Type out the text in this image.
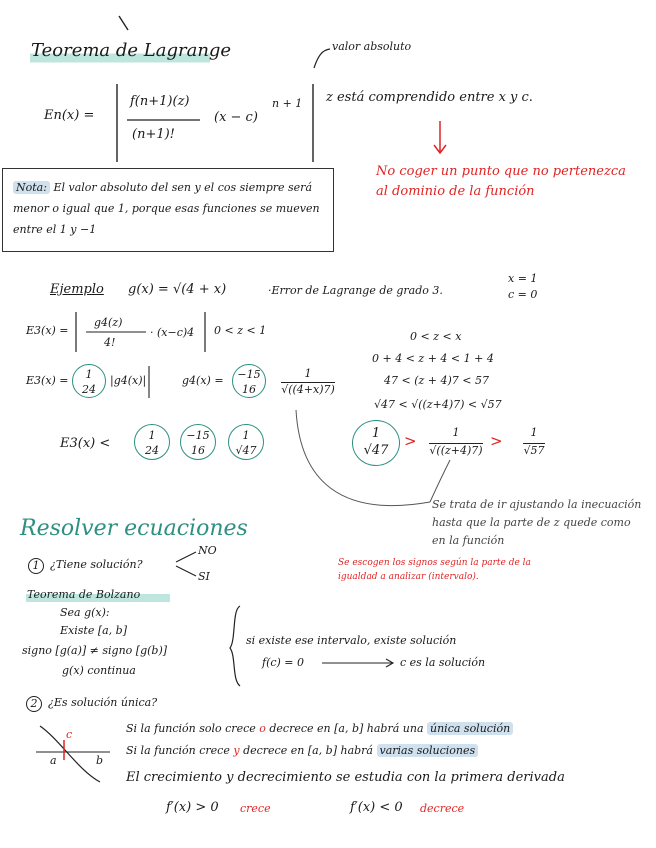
Teorema de Lagrange	valor absoluto
En(x) =
f(n+1)(z)
(n+1)!
(x − c)
n + 1 z está comprendido entre x y c.
No coger un punto que no pertenezca al dominio de la función
Nota: El valor absoluto del sen y el cos siempre será menor o igual que 1, porque esas funciones se mueven entre el 1 y −1
Ejemplo g(x) = √(4 + x)	·Error de Lagrange de grado 3.
x = 1
c = 0
E3(x) =
g4(z)
4!
· (x−c)4 0 < z < 1
E3(x) =	1
24
|g4(x)|	g4(x) =	−15
16	$\frac{1}{√((4+x)7)}$
0 < z < x
0 + 4 < z + 4 < 1 + 4
47 < (z + 4)7 < 57
√47 < √((z+4)7) < √57
E3(x) <
1
24
−15
16
1
√47
1
√47
> $\frac{1}{√((z+4)7)} > \frac{1}{√57}$
Se trata de ir ajustando la inecuación hasta que la parte de z quede como en la función
Resolver ecuaciones
1 ¿Tiene solución?
NO
SI
Se escogen los signos según la parte de la igualdad a analizar (intervalo).
Teorema de Bolzano
Sea g(x):
Existe [a, b]
signo [g(a)] ≠ signo [g(b)]
g(x) continua
si existe ese intervalo, existe solución
f(c) = 0	c es la solución
2 ¿Es solución única?
Si la función solo crece o decrece en [a, b] habrá una única solución
Si la función crece y decrece en [a, b] habrá varias soluciones
El crecimiento y decrecimiento se estudia con la primera derivada
f′(x) > 0 crece	f′(x) < 0 decrece
a	b
c
